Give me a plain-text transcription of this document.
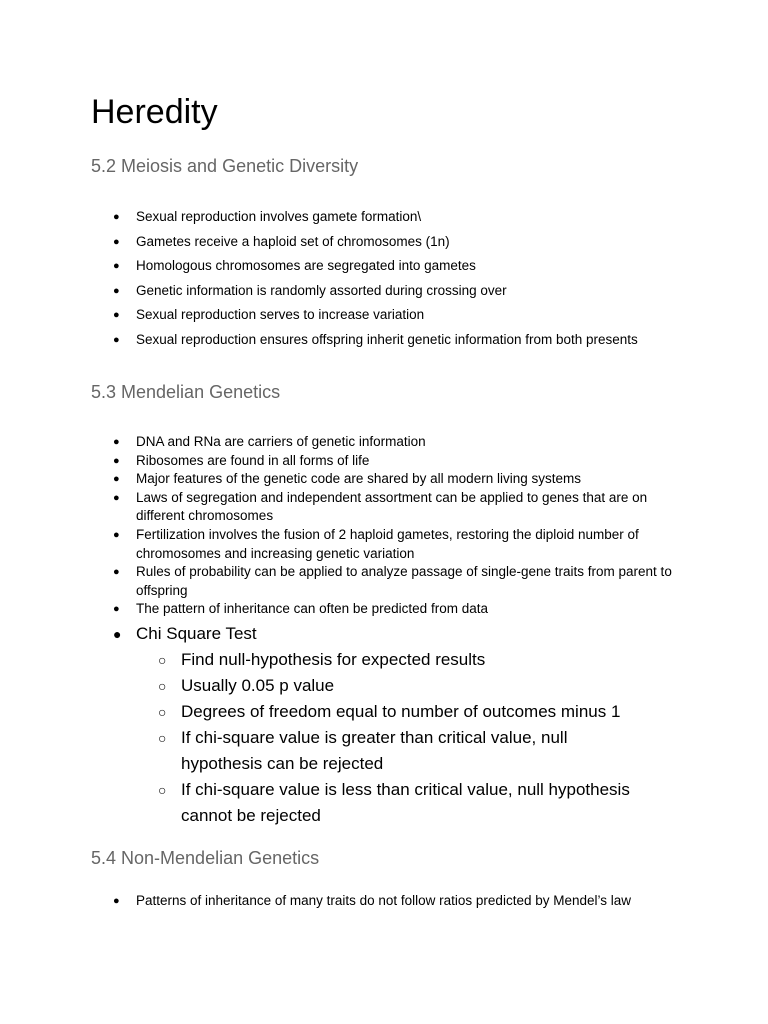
Heredity
5.2 Meiosis and Genetic Diversity
● Sexual reproduction involves gamete formation\
● Gametes receive a haploid set of chromosomes (1n)
● Homologous chromosomes are segregated into gametes
● Genetic information is randomly assorted during crossing over
● Sexual reproduction serves to increase variation
● Sexual reproduction ensures offspring inherit genetic information from both presents
5.3 Mendelian Genetics
● DNA and RNa are carriers of genetic information
● Ribosomes are found in all forms of life
● Major features of the genetic code are shared by all modern living systems
● Laws of segregation and independent assortment can be applied to genes that are on different chromosomes
● Fertilization involves the fusion of 2 haploid gametes, restoring the diploid number of chromosomes and increasing genetic variation
● Rules of probability can be applied to analyze passage of single-gene traits from parent to offspring
● The pattern of inheritance can often be predicted from data
● Chi Square Test
○ Find null-hypothesis for expected results
○ Usually 0.05 p value
○ Degrees of freedom equal to number of outcomes minus 1
○ If chi-square value is greater than critical value, null hypothesis can be rejected
○ If chi-square value is less than critical value, null hypothesis cannot be rejected
5.4 Non-Mendelian Genetics
● Patterns of inheritance of many traits do not follow ratios predicted by Mendel’s law
